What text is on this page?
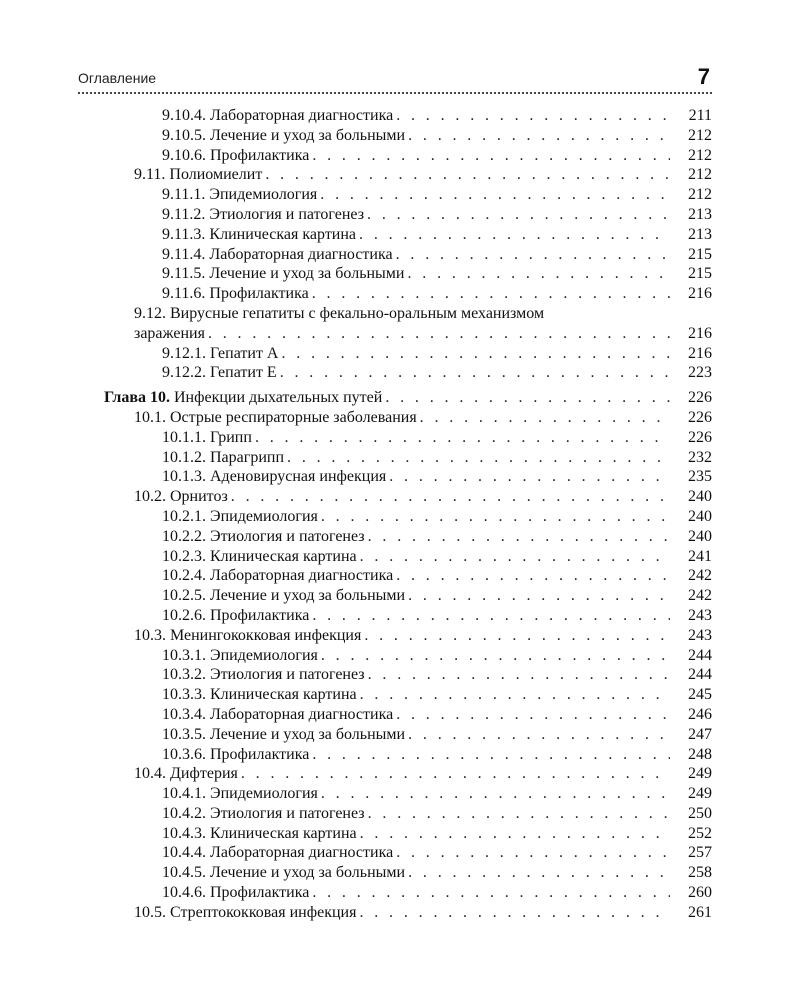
Оглавление	7
9.10.4. Лабораторная диагностика . . .	211
9.10.5. Лечение и уход за больными . . .	212
9.10.6. Профилактика . . .	212
9.11. Полиомиелит . . .	212
9.11.1. Эпидемиология . . .	212
9.11.2. Этиология и патогенез . . .	213
9.11.3. Клиническая картина . . .	213
9.11.4. Лабораторная диагностика . . .	215
9.11.5. Лечение и уход за больными . . .	215
9.11.6. Профилактика . . .	216
9.12. Вирусные гепатиты с фекально-оральным механизмом
заражения . . .	216
9.12.1. Гепатит А . . .	216
9.12.2. Гепатит Е . . .	223
Глава 10. Инфекции дыхательных путей . . .	226
10.1. Острые респираторные заболевания . . .	226
10.1.1. Грипп . . .	226
10.1.2. Парагрипп . . .	232
10.1.3. Аденовирусная инфекция . . .	235
10.2. Орнитоз . . .	240
10.2.1. Эпидемиология . . .	240
10.2.2. Этиология и патогенез . . .	240
10.2.3. Клиническая картина . . .	241
10.2.4. Лабораторная диагностика . . .	242
10.2.5. Лечение и уход за больными . . .	242
10.2.6. Профилактика . . .	243
10.3. Менингококковая инфекция . . .	243
10.3.1. Эпидемиология . . .	244
10.3.2. Этиология и патогенез . . .	244
10.3.3. Клиническая картина . . .	245
10.3.4. Лабораторная диагностика . . .	246
10.3.5. Лечение и уход за больными . . .	247
10.3.6. Профилактика . . .	248
10.4. Дифтерия . . .	249
10.4.1. Эпидемиология . . .	249
10.4.2. Этиология и патогенез . . .	250
10.4.3. Клиническая картина . . .	252
10.4.4. Лабораторная диагностика . . .	257
10.4.5. Лечение и уход за больными . . .	258
10.4.6. Профилактика . . .	260
10.5. Стрептококковая инфекция . . .	261
